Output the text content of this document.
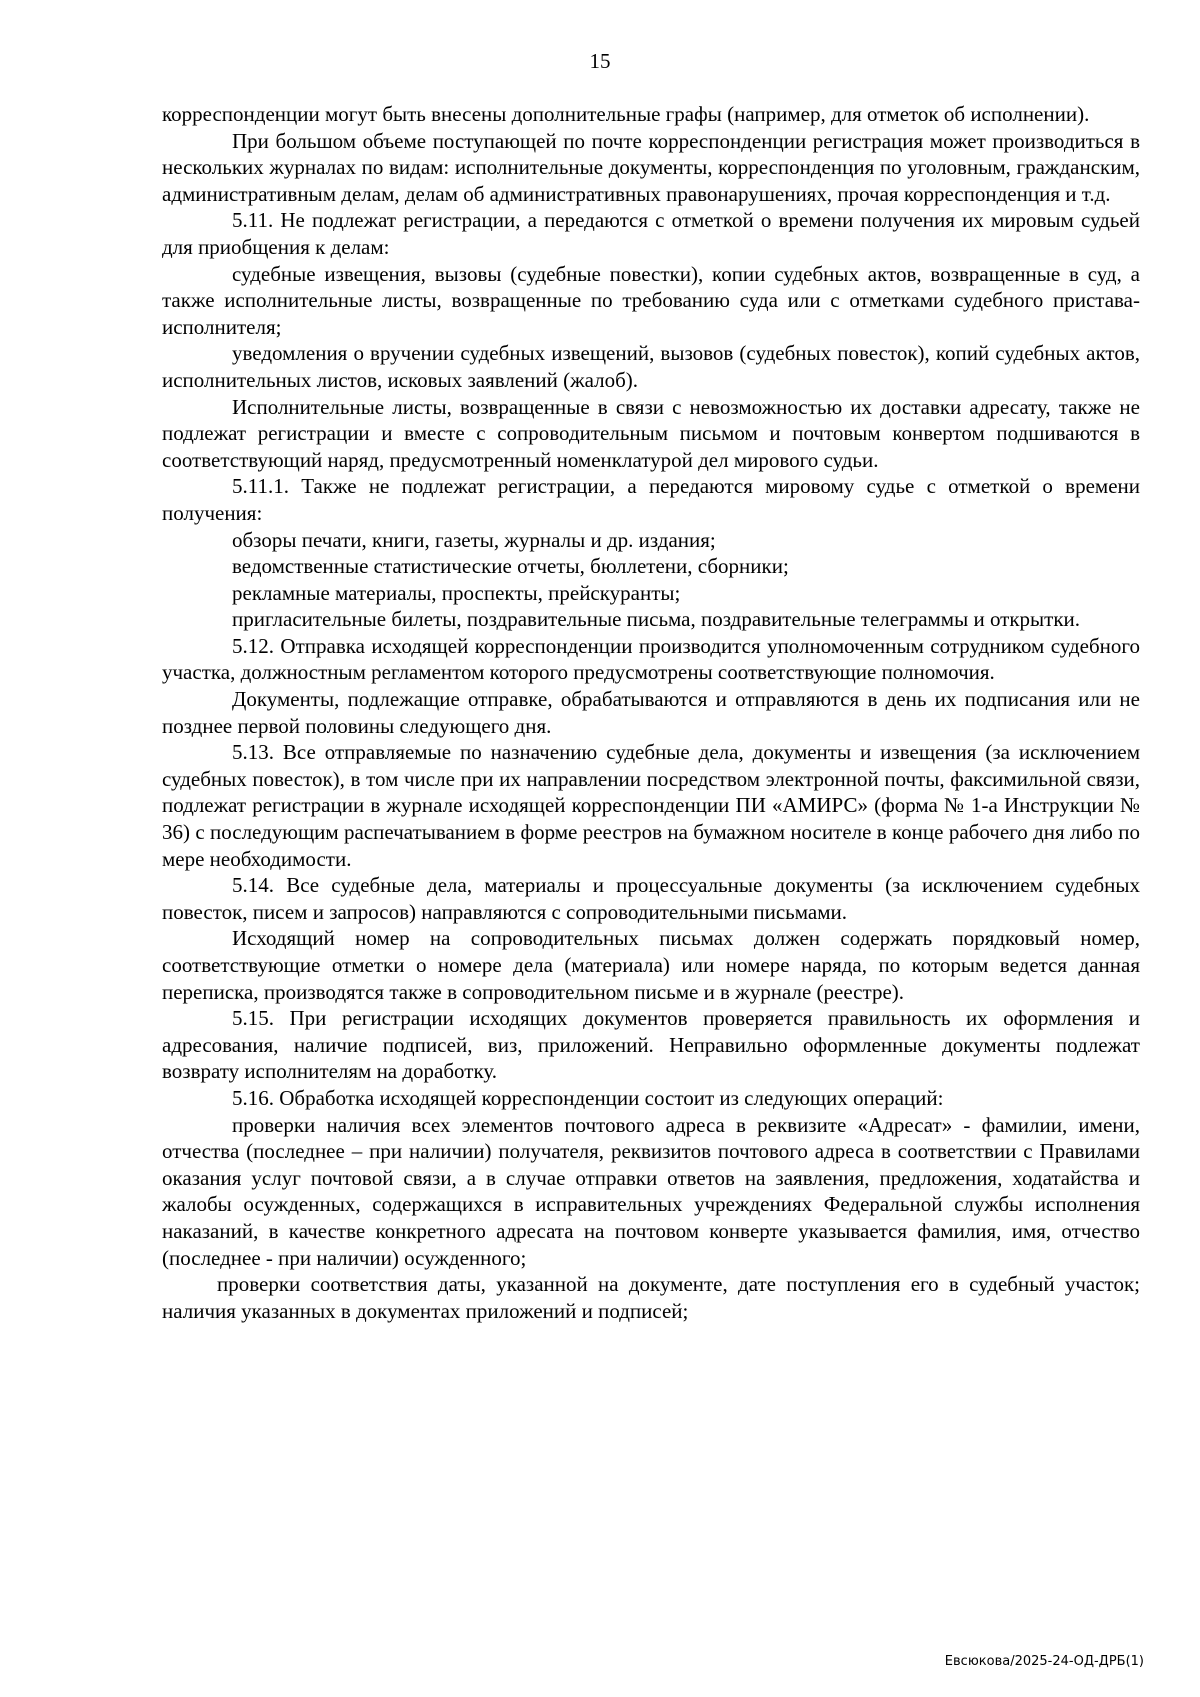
15

корреспонденции могут быть внесены дополнительные графы (например, для отметок об исполнении).

При большом объеме поступающей по почте корреспонденции регистрация может производиться в нескольких журналах по видам: исполнительные документы, корреспонденция по уголовным, гражданским, административным делам, делам об административных правонарушениях, прочая корреспонденция и т.д.

5.11. Не подлежат регистрации, а передаются с отметкой о времени получения их мировым судьей для приобщения к делам:

судебные извещения, вызовы (судебные повестки), копии судебных актов, возвращенные в суд, а также исполнительные листы, возвращенные по требованию суда или с отметками судебного пристава-исполнителя;

уведомления о вручении судебных извещений, вызовов (судебных повесток), копий судебных актов, исполнительных листов, исковых заявлений (жалоб).

Исполнительные листы, возвращенные в связи с невозможностью их доставки адресату, также не подлежат регистрации и вместе с сопроводительным письмом и почтовым конвертом подшиваются в соответствующий наряд, предусмотренный номенклатурой дел мирового судьи.

5.11.1. Также не подлежат регистрации, а передаются мировому судье с отметкой о времени получения:

обзоры печати, книги, газеты, журналы и др. издания;

ведомственные статистические отчеты, бюллетени, сборники;

рекламные материалы, проспекты, прейскуранты;

пригласительные билеты, поздравительные письма, поздравительные телеграммы и открытки.

5.12. Отправка исходящей корреспонденции производится уполномоченным сотрудником судебного участка, должностным регламентом которого предусмотрены соответствующие полномочия.

Документы, подлежащие отправке, обрабатываются и отправляются в день их подписания или не позднее первой половины следующего дня.

5.13. Все отправляемые по назначению судебные дела, документы и извещения (за исключением судебных повесток), в том числе при их направлении посредством электронной почты, факсимильной связи, подлежат регистрации в журнале исходящей корреспонденции ПИ «АМИРС» (форма № 1-а Инструкции № 36) с последующим распечатыванием в форме реестров на бумажном носителе в конце рабочего дня либо по мере необходимости.

5.14. Все судебные дела, материалы и процессуальные документы (за исключением судебных повесток, писем и запросов) направляются с сопроводительными письмами.

Исходящий номер на сопроводительных письмах должен содержать порядковый номер, соответствующие отметки о номере дела (материала) или номере наряда, по которым ведется данная переписка, производятся также в сопроводительном письме и в журнале (реестре).

5.15. При регистрации исходящих документов проверяется правильность их оформления и адресования, наличие подписей, виз, приложений. Неправильно оформленные документы подлежат возврату исполнителям на доработку.

5.16. Обработка исходящей корреспонденции состоит из следующих операций:

проверки наличия всех элементов почтового адреса в реквизите «Адресат» - фамилии, имени, отчества (последнее – при наличии) получателя, реквизитов почтового адреса в соответствии с Правилами оказания услуг почтовой связи, а в случае отправки ответов на заявления, предложения, ходатайства и жалобы осужденных, содержащихся в исправительных учреждениях Федеральной службы исполнения наказаний, в качестве конкретного адресата на почтовом конверте указывается фамилия, имя, отчество (последнее - при наличии) осужденного;

проверки соответствия даты, указанной на документе, дате поступления его в судебный участок; наличия указанных в документах приложений и подписей;

Евсюкова/2025-24-ОД-ДРБ(1)
